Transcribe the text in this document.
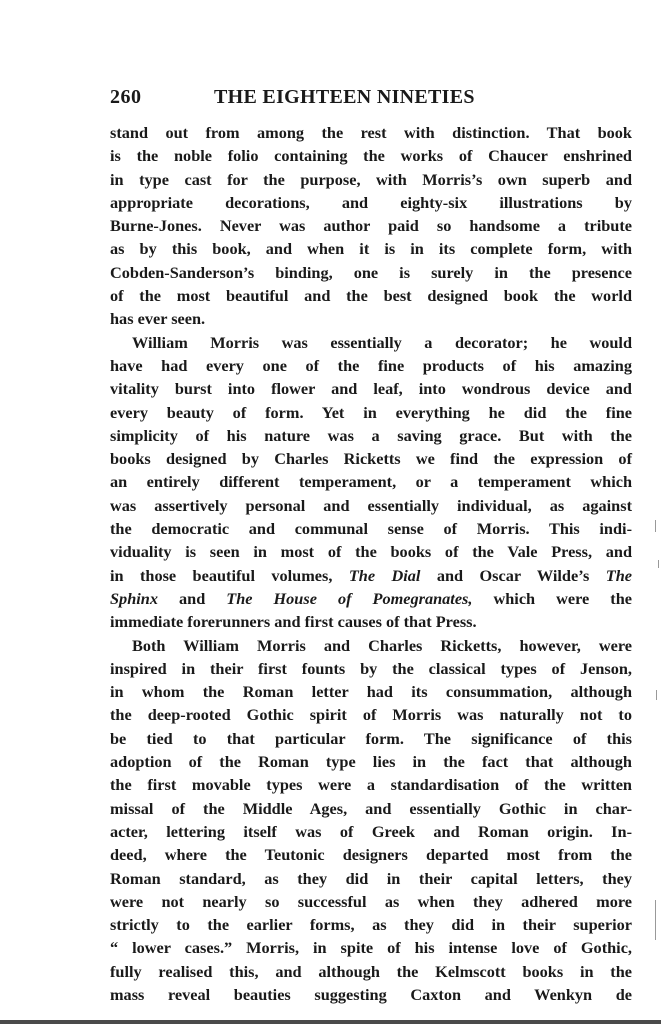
260	THE EIGHTEEN NINETIES
stand out from among the rest with distinction. That book
is the noble folio containing the works of Chaucer enshrined
in type cast for the purpose, with Morris’s own superb and
appropriate decorations, and eighty-six illustrations by
Burne-Jones. Never was author paid so handsome a tribute
as by this book, and when it is in its complete form, with
Cobden-Sanderson’s binding, one is surely in the presence
of the most beautiful and the best designed book the world
has ever seen.
William Morris was essentially a decorator; he would
have had every one of the fine products of his amazing
vitality burst into flower and leaf, into wondrous device and
every beauty of form. Yet in everything he did the fine
simplicity of his nature was a saving grace. But with the
books designed by Charles Ricketts we find the expression of
an entirely different temperament, or a temperament which
was assertively personal and essentially individual, as against
the democratic and communal sense of Morris. This indi-
viduality is seen in most of the books of the Vale Press, and
in those beautiful volumes, The Dial and Oscar Wilde’s The
Sphinx and The House of Pomegranates, which were the
immediate forerunners and first causes of that Press.
Both William Morris and Charles Ricketts, however, were
inspired in their first founts by the classical types of Jenson,
in whom the Roman letter had its consummation, although
the deep-rooted Gothic spirit of Morris was naturally not to
be tied to that particular form. The significance of this
adoption of the Roman type lies in the fact that although
the first movable types were a standardisation of the written
missal of the Middle Ages, and essentially Gothic in char-
acter, lettering itself was of Greek and Roman origin. In-
deed, where the Teutonic designers departed most from the
Roman standard, as they did in their capital letters, they
were not nearly so successful as when they adhered more
strictly to the earlier forms, as they did in their superior
“ lower cases.” Morris, in spite of his intense love of Gothic,
fully realised this, and although the Kelmscott books in the
mass reveal beauties suggesting Caxton and Wenkyn de
